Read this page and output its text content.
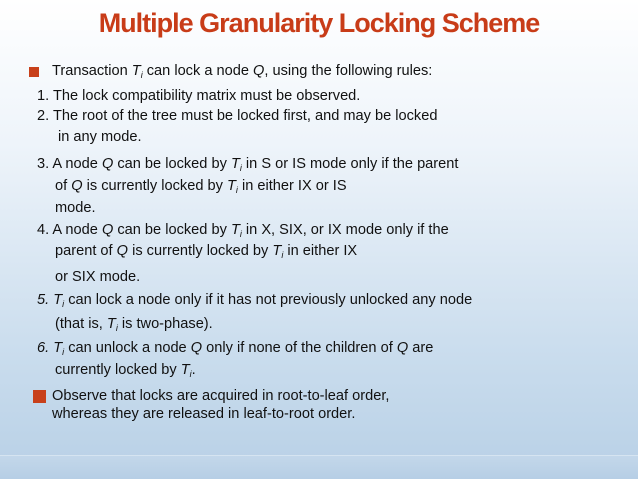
Multiple Granularity Locking Scheme
Transaction $T_i$ can lock a node Q, using the following rules:
1. The lock compatibility matrix must be observed.
2. The root of the tree must be locked first, and may be locked
in any mode.
3. A node Q can be locked by $T_i$ in S or IS mode only if the parent
of Q is currently locked by $T_i$ in either IX or IS
mode.
4. A node Q can be locked by $T_i$ in X, SIX, or IX mode only if the
parent of Q is currently locked by $T_i$ in either IX
or SIX mode.
5. $T_i$ can lock a node only if it has not previously unlocked any node
(that is, $T_i$ is two-phase).
6. $T_i$ can unlock a node Q only if none of the children of Q are
currently locked by $T_i$.
Observe that locks are acquired in root-to-leaf order,
whereas they are released in leaf-to-root order.
